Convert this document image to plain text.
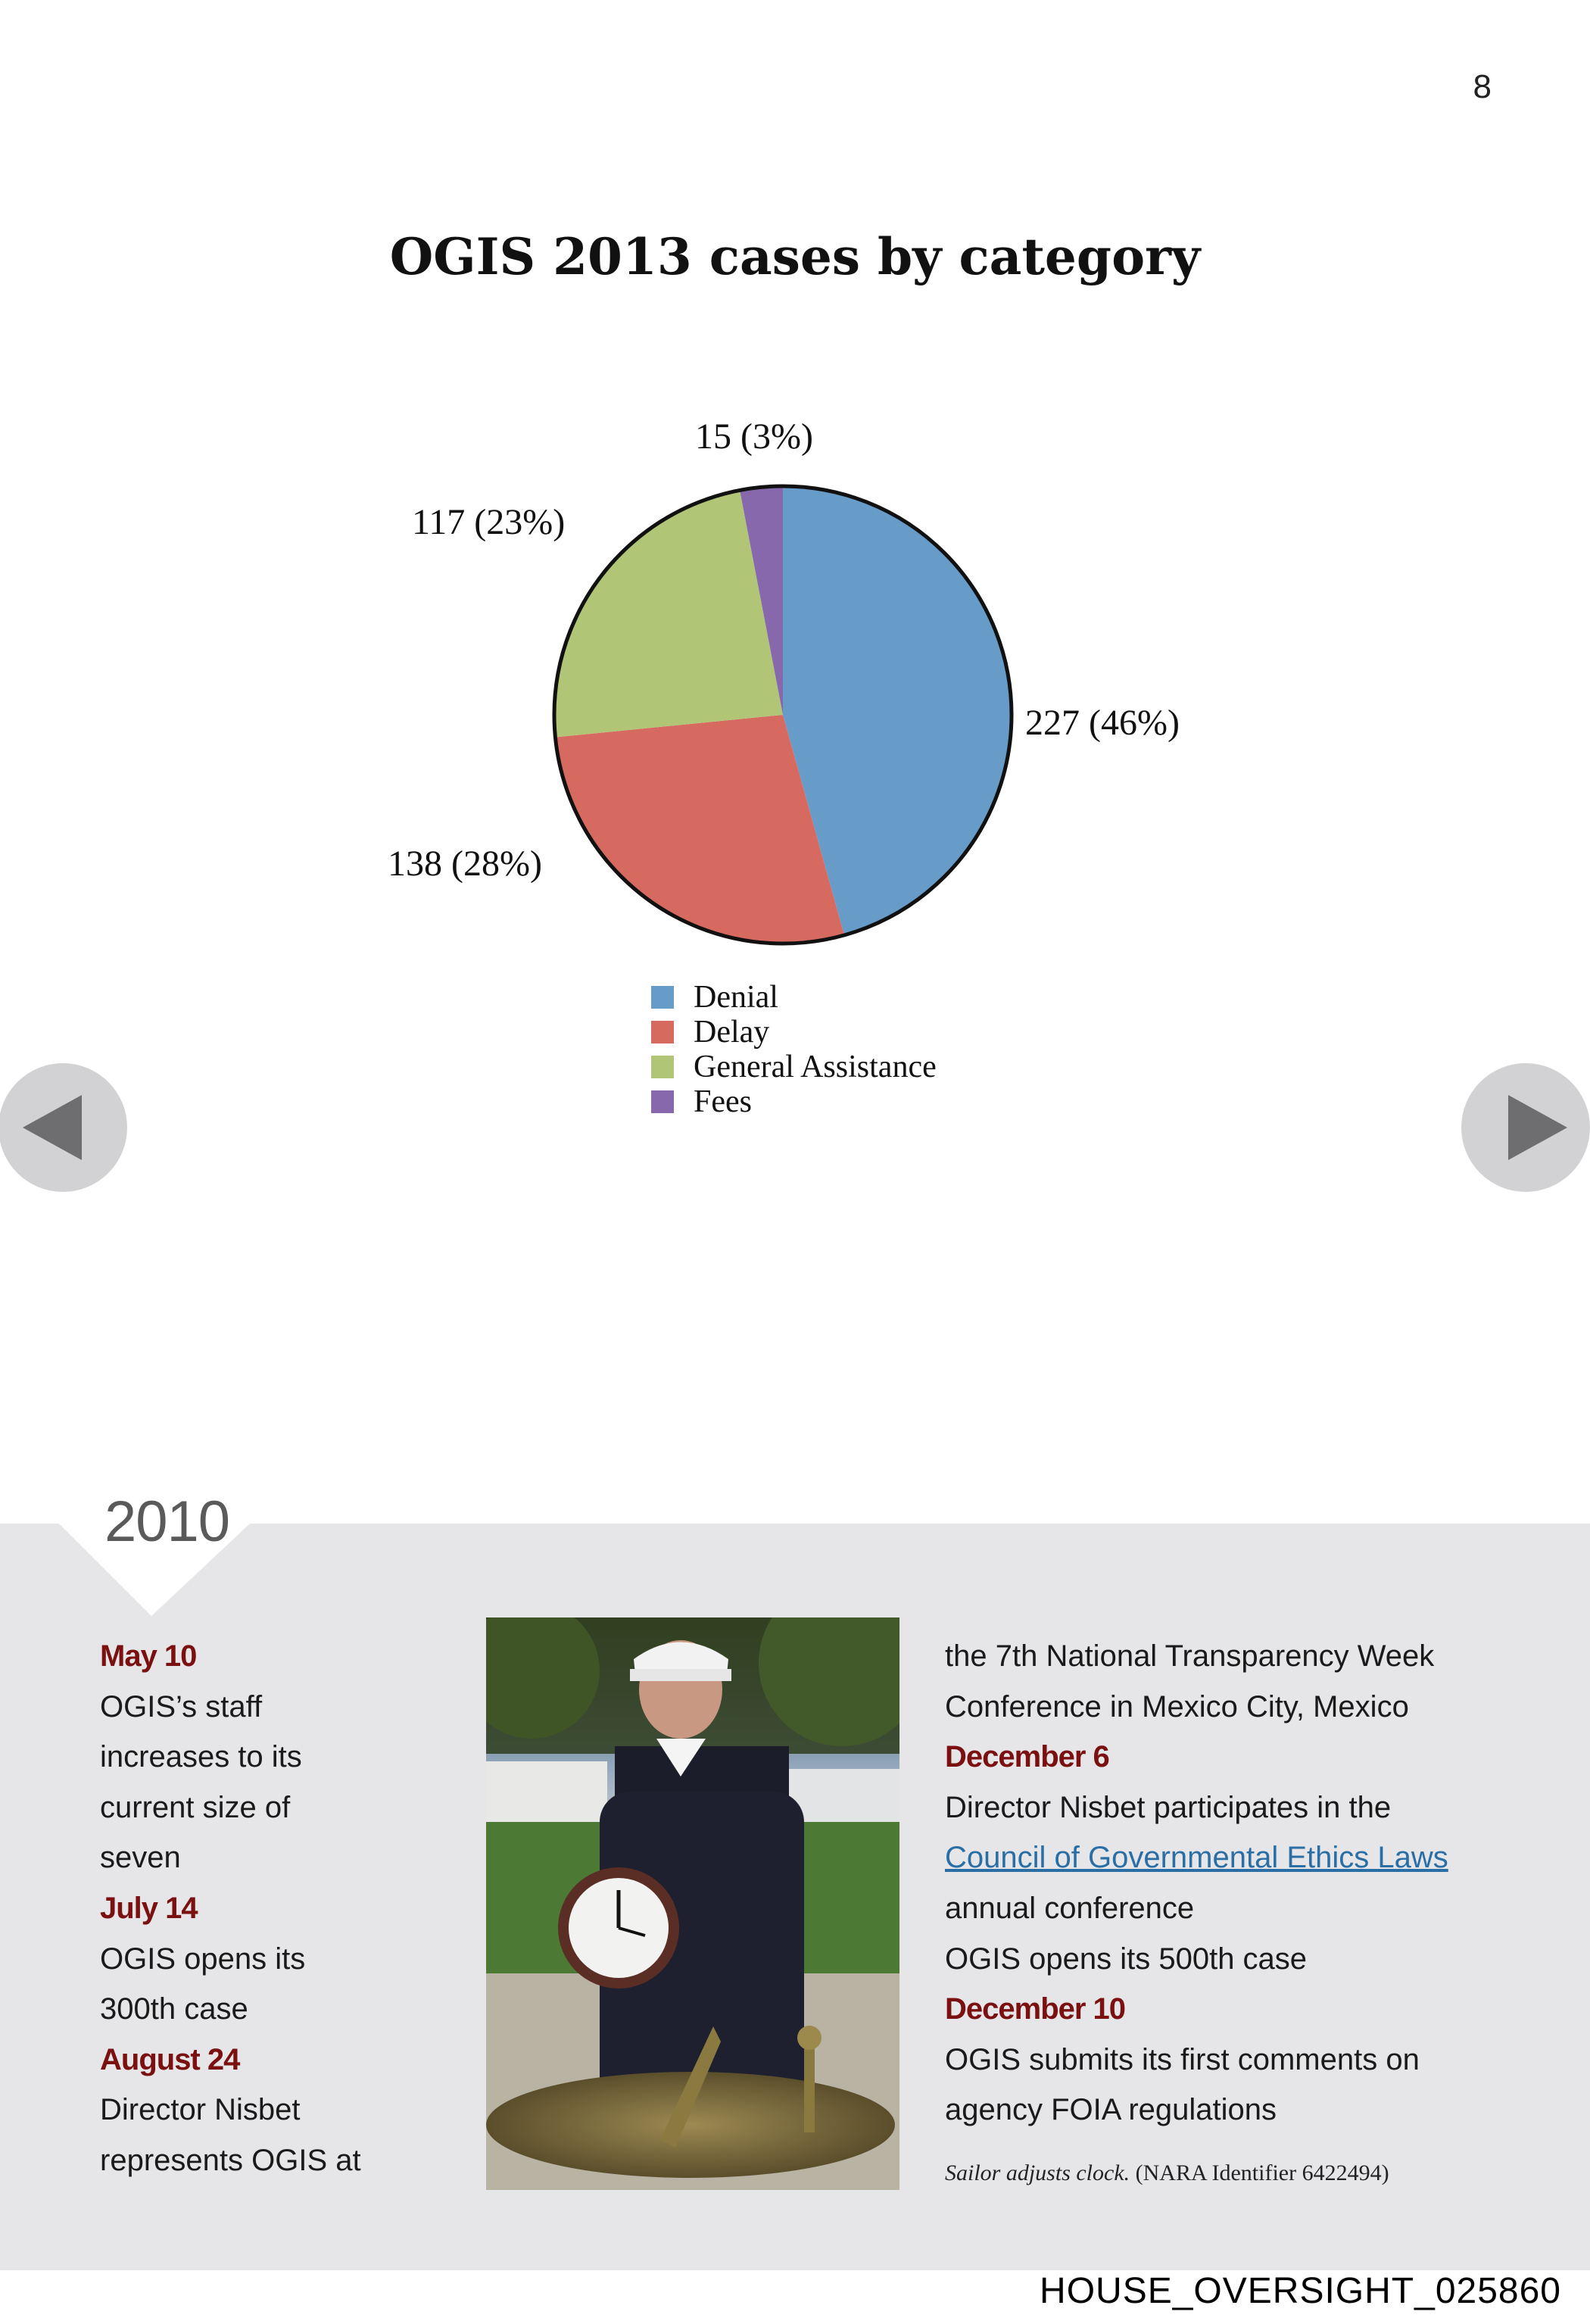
8
OGIS 2013 cases by category
227 (46%)
138 (28%)
117 (23%)
15 (3%)
Denial
Delay
General Assistance
Fees
2010
May 10
OGIS’s staff
increases to its
current size of
seven
July 14
OGIS opens its
300th case
August 24
Director Nisbet
represents OGIS at
the 7th National Transparency Week
Conference in Mexico City, Mexico
December 6
Director Nisbet participates in the
Council of Governmental Ethics Laws
annual conference
OGIS opens its 500th case
December 10
OGIS submits its first comments on
agency FOIA regulations
Sailor adjusts clock. (NARA Identifier 6422494)
HOUSE_OVERSIGHT_025860
